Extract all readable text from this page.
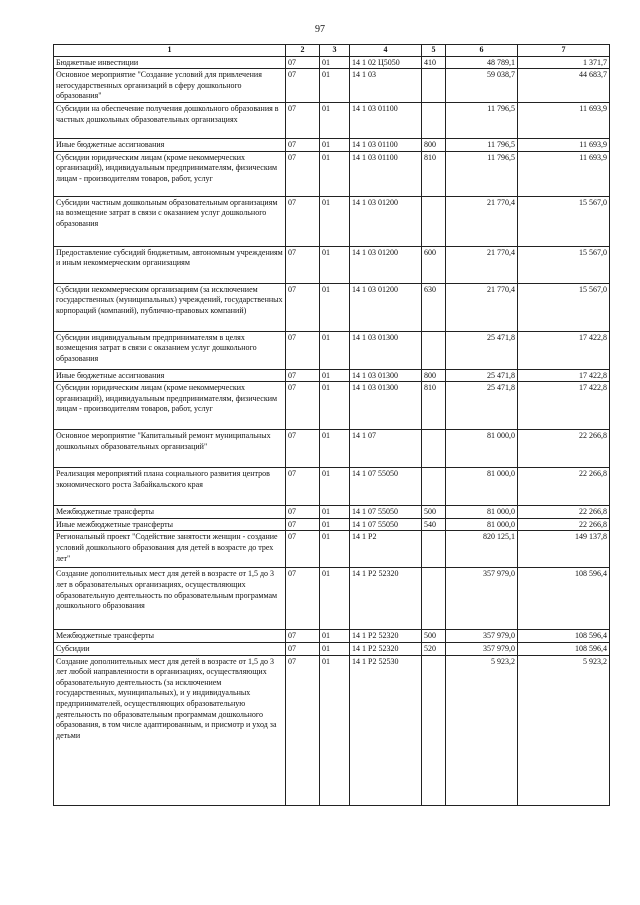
97
1	2	3	4	5	6	7
Бюджетные инвестиции	07	01	14 1 02 Ц5050	410	48 789,1	1 371,7
Основное мероприятие "Создание условий для привлечения негосударственных организаций в сферу дошкольного образования"	07	01	14 1 03		59 038,7	44 683,7
Субсидии на обеспечение получения дошкольного образования в частных дошкольных образовательных организациях	07	01	14 1 03 01100		11 796,5	11 693,9
Иные бюджетные ассигнования	07	01	14 1 03 01100	800	11 796,5	11 693,9
Субсидии юридическим лицам (кроме некоммерческих организаций), индивидуальным предпринимателям, физическим лицам - производителям товаров, работ, услуг	07	01	14 1 03 01100	810	11 796,5	11 693,9
Субсидии частным дошкольным образовательным организациям на возмещение затрат в связи с оказанием услуг дошкольного образования	07	01	14 1 03 01200		21 770,4	15 567,0
Предоставление субсидий бюджетным, автономным учреждениям и иным некоммерческим организациям	07	01	14 1 03 01200	600	21 770,4	15 567,0
Субсидии некоммерческим организациям (за исключением государственных (муниципальных) учреждений, государственных корпораций (компаний), публично-правовых компаний)	07	01	14 1 03 01200	630	21 770,4	15 567,0
Субсидии индивидуальным предпринимателям в целях возмещения затрат в связи с оказанием услуг дошкольного образования	07	01	14 1 03 01300		25 471,8	17 422,8
Иные бюджетные ассигнования	07	01	14 1 03 01300	800	25 471,8	17 422,8
Субсидии юридическим лицам (кроме некоммерческих организаций), индивидуальным предпринимателям, физическим лицам - производителям товаров, работ, услуг	07	01	14 1 03 01300	810	25 471,8	17 422,8
Основное мероприятие "Капитальный ремонт муниципальных дошкольных образовательных организаций"	07	01	14 1 07		81 000,0	22 266,8
Реализация мероприятий плана социального развития центров экономического роста Забайкальского края	07	01	14 1 07 55050		81 000,0	22 266,8
Межбюджетные трансферты	07	01	14 1 07 55050	500	81 000,0	22 266,8
Иные межбюджетные трансферты	07	01	14 1 07 55050	540	81 000,0	22 266,8
Региональный проект "Содействие занятости женщин - создание условий дошкольного образования для детей в возрасте до трех лет"	07	01	14 1 P2		820 125,1	149 137,8
Создание дополнительных мест для детей в возрасте от 1,5 до 3 лет в образовательных организациях, осуществляющих образовательную деятельность по образовательным программам дошкольного образования	07	01	14 1 P2 52320		357 979,0	108 596,4
Межбюджетные трансферты	07	01	14 1 P2 52320	500	357 979,0	108 596,4
Субсидии	07	01	14 1 P2 52320	520	357 979,0	108 596,4
Создание дополнительных мест для детей в возрасте от 1,5 до 3 лет любой направленности в организациях, осуществляющих образовательную деятельность (за исключением государственных, муниципальных), и у индивидуальных предпринимателей, осуществляющих образовательную деятельность по образовательным программам дошкольного образования, в том числе адаптированным, и присмотр и уход за детьми	07	01	14 1 P2 52530		5 923,2	5 923,2
